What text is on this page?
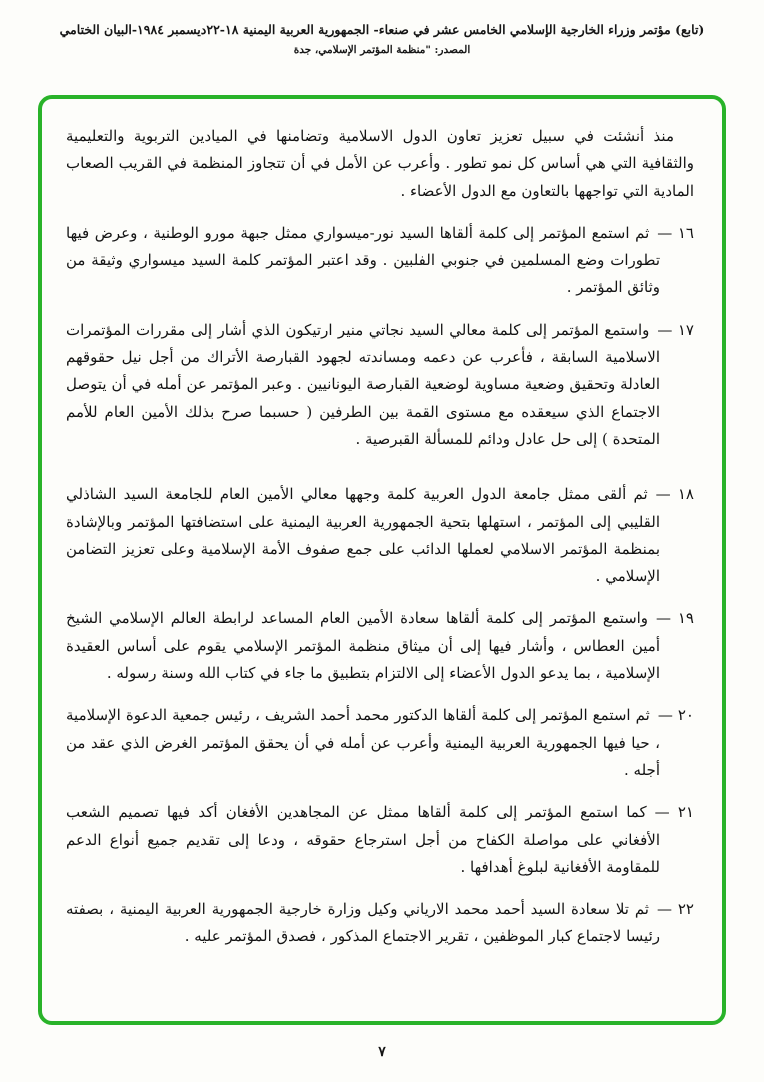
(تابع) مؤتمر وزراء الخارجية الإسلامي الخامس عشر في صنعاء- الجمهورية العربية اليمنية ١٨-٢٢ديسمبر ١٩٨٤-البيان الختامي
المصدر: "منظمة المؤتمر الإسلامي، جدة
منذ أنشئت في سبيل تعزيز تعاون الدول الاسلامية وتضامنها في الميادين التربوية والتعليمية والثقافية التي هي أساس كل نمو تطور . وأعرب عن الأمل في أن تتجاوز المنظمة في القريب الصعاب المادية التي تواجهها بالتعاون مع الدول الأعضاء .
١٦ —ثم استمع المؤتمر إلى كلمة ألقاها السيد نور-ميسواري ممثل جبهة مورو الوطنية ، وعرض فيها تطورات وضع المسلمين في جنوبي الفلبين . وقد اعتبر المؤتمر كلمة السيد ميسواري وثيقة من وثائق المؤتمر .
١٧ —واستمع المؤتمر إلى كلمة معالي السيد نجاتي منير ارتيكون الذي أشار إلى مقررات المؤتمرات الاسلامية السابقة ، فأعرب عن دعمه ومساندته لجهود القبارصة الأتراك من أجل نيل حقوقهم العادلة وتحقيق وضعية مساوية لوضعية القبارصة اليونانيين . وعبر المؤتمر عن أمله في أن يتوصل الاجتماع الذي سيعقده مع مستوى القمة بين الطرفين ( حسبما صرح بذلك الأمين العام للأمم المتحدة ) إلى حل عادل ودائم للمسألة القبرصية .
١٨ —ثم ألقى ممثل جامعة الدول العربية كلمة وجهها معالي الأمين العام للجامعة السيد الشاذلي القليبي إلى المؤتمر ، استهلها بتحية الجمهورية العربية اليمنية على استضافتها المؤتمر وبالإشادة بمنظمة المؤتمر الاسلامي لعملها الدائب على جمع صفوف الأمة الإسلامية وعلى تعزيز التضامن الإسلامي .
١٩ —واستمع المؤتمر إلى كلمة ألقاها سعادة الأمين العام المساعد لرابطة العالم الإسلامي الشيخ أمين العطاس ، وأشار فيها إلى أن ميثاق منظمة المؤتمر الإسلامي يقوم على أساس العقيدة الإسلامية ، بما يدعو الدول الأعضاء إلى الالتزام بتطبيق ما جاء في كتاب الله وسنة رسوله .
٢٠ —ثم استمع المؤتمر إلى كلمة ألقاها الدكتور محمد أحمد الشريف ، رئيس جمعية الدعوة الإسلامية ، حيا فيها الجمهورية العربية اليمنية وأعرب عن أمله في أن يحقق المؤتمر الغرض الذي عقد من أجله .
٢١ —كما استمع المؤتمر إلى كلمة ألقاها ممثل عن المجاهدين الأفغان أكد فيها تصميم الشعب الأفغاني على مواصلة الكفاح من أجل استرجاع حقوقه ، ودعا إلى تقديم جميع أنواع الدعم للمقاومة الأفغانية لبلوغ أهدافها .
٢٢ —ثم تلا سعادة السيد أحمد محمد الارياني وكيل وزارة خارجية الجمهورية العربية اليمنية ، بصفته رئيسا لاجتماع كبار الموظفين ، تقرير الاجتماع المذكور ، فصدق المؤتمر عليه .
٧
